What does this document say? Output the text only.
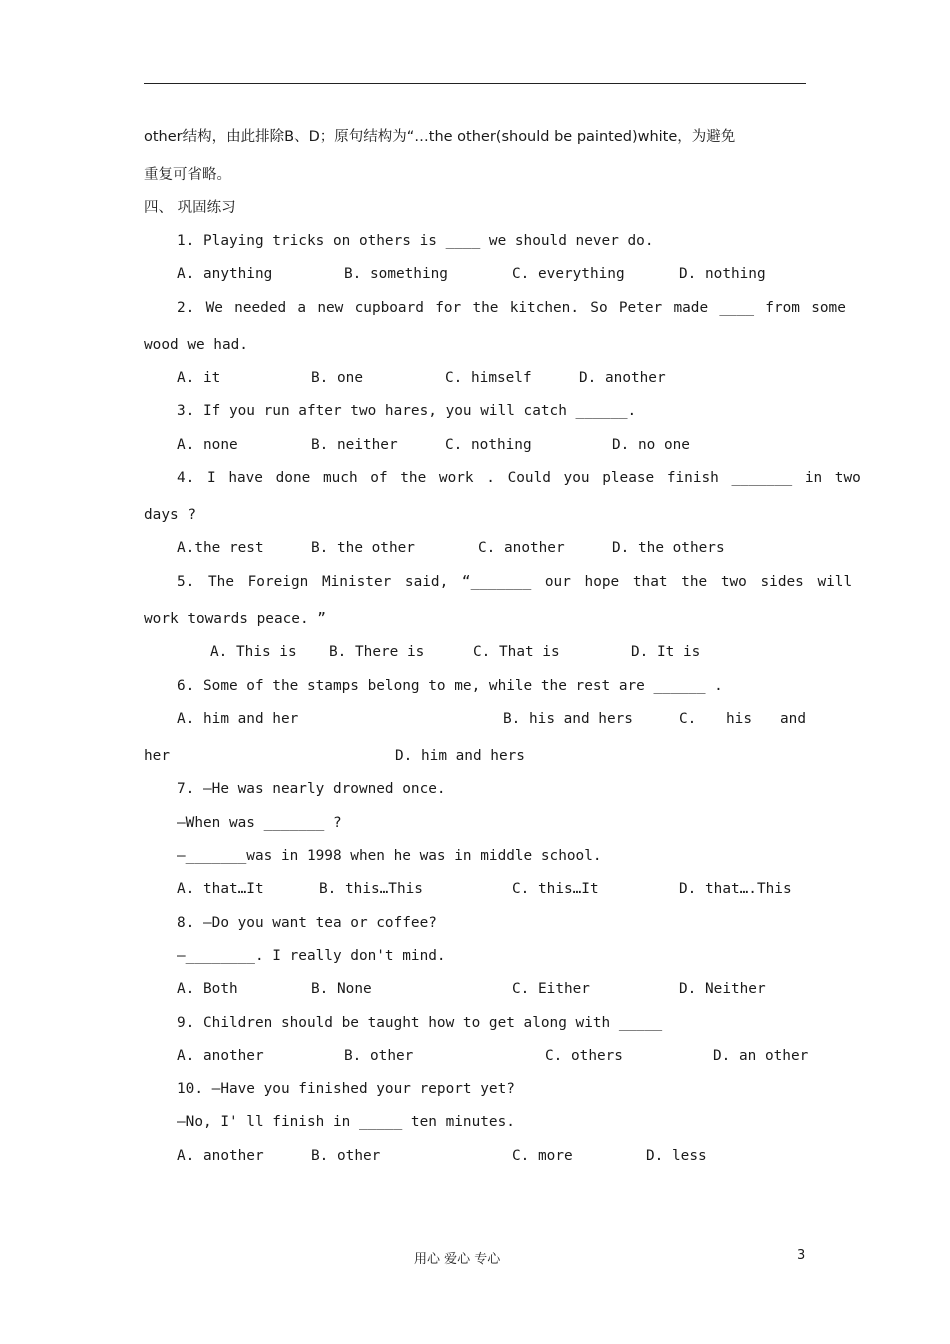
other结构，由此排除B、D；原句结构为“…the other(should be painted)white，为避免
重复可省略。
四、 巩固练习
1. Playing tricks on others is ____ we should never do.
A. anything	B. something	C. everything	D. nothing
2. We needed a new cupboard for the kitchen. So Peter made ____ from some
wood we had.
A. it	B. one	C. himself	D. another
3. If you run after two hares, you will catch ______.
A. none	B. neither	C. nothing	D. no one
4. I have done much of the work . Could you please finish _______ in two
days ?
A.the rest	B. the other	C. another	D. the others
5. The Foreign Minister said, “_______ our hope that the two sides will
work towards peace. ”
A. This is B. There is	C. That is	D. It is
6. Some of the stamps belong to me, while the rest are ______ .
A. him and her	B. his and hers	C. his and
her	D. him and hers
7. —He was nearly drowned once.
—When was _______ ?
—_______was in 1998 when he was in middle school.
A. that…It	B. this…This	C. this…It	D. that….This
8. —Do you want tea or coffee?
—________. I really don't mind.
A. Both	B. None	C. Either	D. Neither
9. Children should be taught how to get along with _____
A. another	B. other	C. others	D. an other
10. —Have you finished your report yet?
—No, I' ll finish in _____ ten minutes.
A. another	B. other	C. more	D. less
用心 爱心 专心	3
